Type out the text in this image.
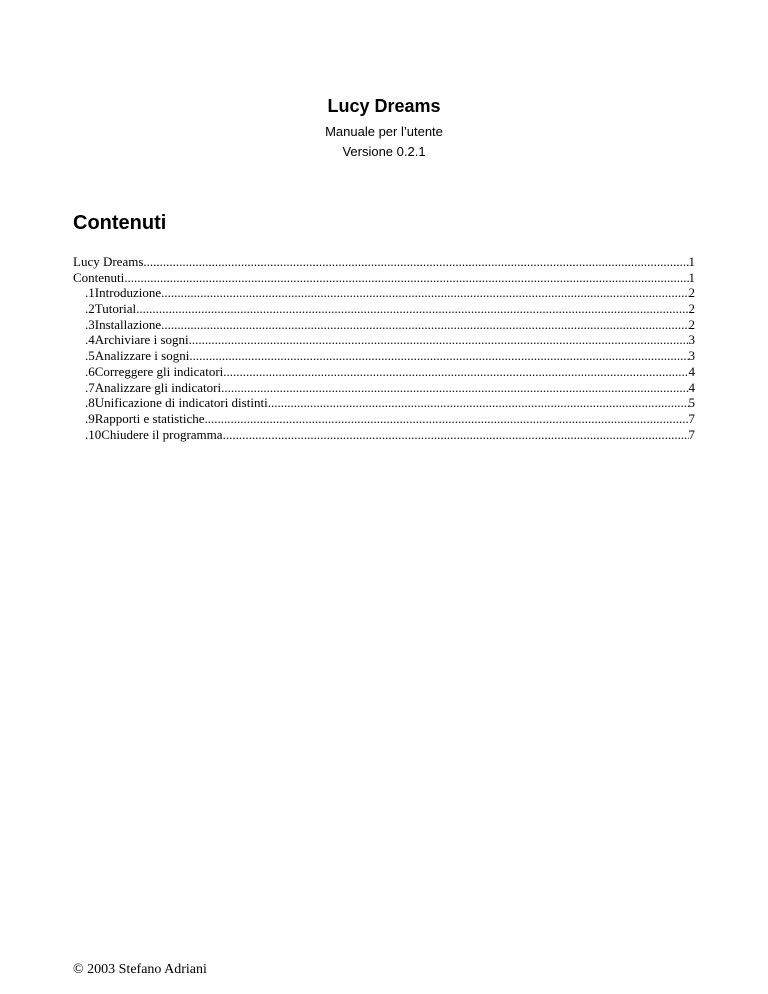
Lucy Dreams
Manuale per l’utente
Versione 0.2.1
Contenuti
Lucy Dreams .....	1
Contenuti .....	1
.1Introduzione .....	2
.2Tutorial .....	2
.3Installazione .....	2
.4Archiviare i sogni .....	3
.5Analizzare i sogni .....	3
.6Correggere gli indicatori .....	4
.7Analizzare gli indicatori .....	4
.8Unificazione di indicatori distinti .....	5
.9Rapporti e statistiche .....	7
.10Chiudere il programma .....	7
© 2003 Stefano Adriani
